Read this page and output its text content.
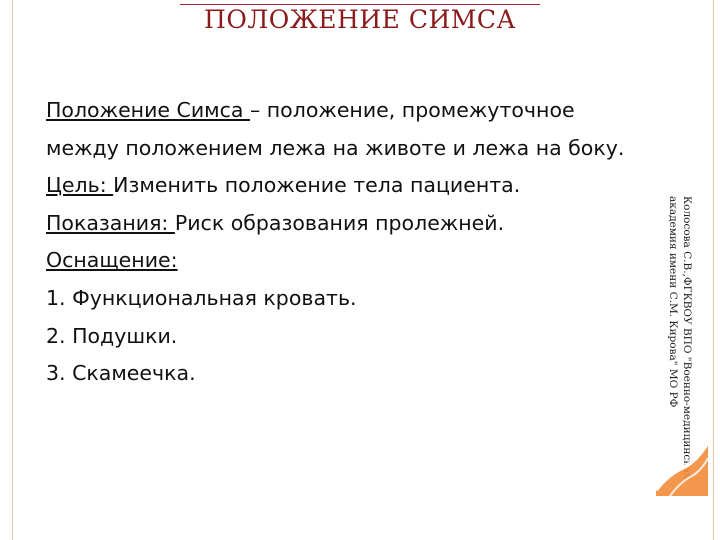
ПОЛОЖЕНИЕ СИМСА

Положение Симса – положение, промежуточное между положением лежа на животе и лежа на боку.

Цель: Изменить положение тела пациента.

Показания: Риск образования пролежней.

Оснащение:

1. Функциональная кровать.

2. Подушки.

3. Скамеечка.	Колосова С.В.,ФГКВОУ ВПО "Военно-медицинская
академия имени С.М. Кирова" МО РФ
